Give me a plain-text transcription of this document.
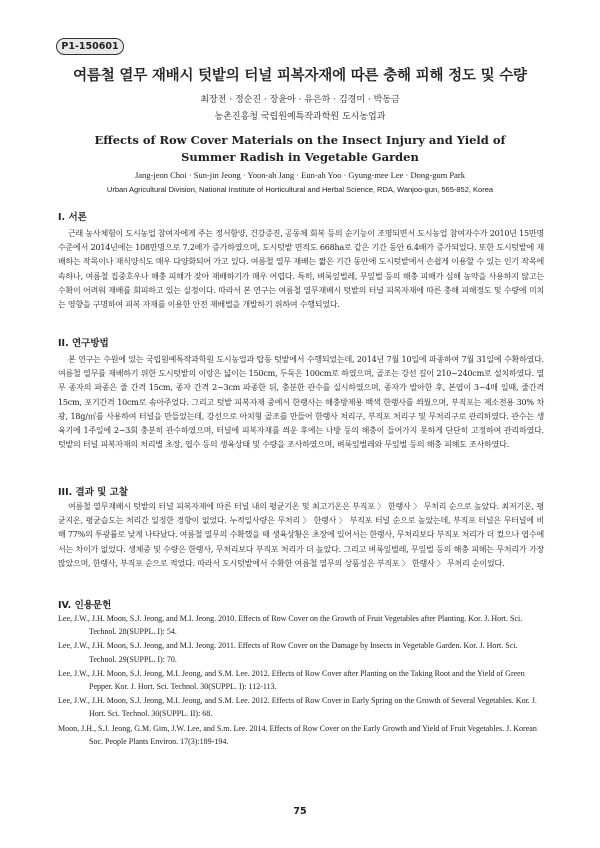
P1-150601
여름철 열무 재배시 텃밭의 터널 피복자재에 따른 충해 피해 정도 및 수량
최장전 · 정순진 · 장윤아 · 유은하 · 김경미 · 박동금
농촌진흥청 국립원예특작과학원 도시농업과
Effects of Row Cover Materials on the Insect Injury and Yield of
Summer Radish in Vegetable Garden
Jang-jeon Choi · Sun-jin Jeong · Yoon-ah Jang · Eun-ah Yoo · Gyung-mee Lee · Dong-gum Park
Urban Agricultural Division, National Institute of Horticultural and Herbal Science, RDA, Wanjoo-gun, 565-852, Korea
I. 서론

근래 농사체험이 도시농업 참여자에게 주는 정서함양, 건강증진, 공동체 회복 등의 순기능이 조명되면서 도시농업 참여자수가 2010년 15만명 수준에서 2014년에는 108만명으로 7.2배가 증가하였으며, 도시텃밭 면적도 668ha로 같은 기간 동안 6.4배가 증가되었다. 또한 도시텃밭에 재배하는 작목이나 재식양식도 매우 다양화되어 가고 있다. 여름철 열무 재배는 짧은 기간 동안에 도시텃밭에서 손쉽게 이용할 수 있는 인기 작목에 속하나, 여름철 집중호우나 해충 피해가 잦아 재배하기가 매우 어렵다. 특히, 벼룩잎벌레, 무잎벌 등의 해충 피해가 심해 농약을 사용하지 않고는 수확이 어려워 재배를 회피하고 있는 실정이다. 따라서 본 연구는 여름철 열무재배시 텃밭의 터널 피복자재에 따른 충해 피해정도 및 수량에 미치는 영향을 구명하여 피복 자재를 이용한 안전 재배법을 개발하기 위하여 수행되었다.

II. 연구방법

본 연구는 수원에 있는 국립원예특작과학원 도시농업과 탑동 텃밭에서 수행되었는데, 2014년 7월 10일에 파종하여 7월 31일에 수확하였다. 여름철 열무를 재배하기 위한 도시텃밭의 이랑은 넓이는 150cm, 두둑은 100cm로 하였으며, 골조는 강선 길이 210~240cm로 설치하였다. 열무 종자의 파종은 줄 간격 15cm, 종자 간격 2~3cm 파종한 뒤, 충분한 관수를 실시하였으며, 종자가 발아한 후, 본엽이 3~4매 일때, 줄간격 15cm, 포기간격 10cm로 솎아주었다. 그리고 텃밭 피복자재 중에서 한랭사는 해충방제용 백색 한랭사를 씌웠으며, 부직포는 제소전용 30% 차광, 18g/㎡를 사용하여 터널을 만들었는데, 강선으로 아치형 골조를 만들어 한랭사 처리구, 부직포 처리구 및 무처리구로 관리하였다. 관수는 생육기에 1주일에 2~3회 충분히 관수하였으며, 터널에 피복자재를 씌운 후에는 나방 등의 해충이 들어가지 못하게 단단히 고정하여 관리하였다. 텃밭의 터널 피복자재의 처리별 초장, 엽수 등의 생육상태 및 수량을 조사하였으며, 벼룩잎벌레와 무잎벌 등의 해충 피해도 조사하였다.

III. 결과 및 고찰

여름철 열무재배시 텃밭의 터널 피복자재에 따른 터널 내의 평균기온 및 최고기온은 부직포 〉 한랭사 〉 무처리 순으로 높았다. 최저기온, 평균지온, 평균습도는 처리간 일정한 경향이 없었다. 누적일사량은 무처리 〉 한랭사 〉 부직포 터널 순으로 높았는데, 부직포 터널은 무터널에 비해 77%의 투광률로 낮게 나타났다. 여름철 열무의 수확했을 때 생육상황은 초장에 있어서는 한랭사, 무처리보다 부직포 처리가 더 컸으나 엽수에서는 차이가 없었다. 생체중 및 수량은 한랭사, 무처리보다 부직포 처리가 더 높았다. 그리고 벼룩잎벌레, 무잎벌 등의 해충 피해는 무처리가 가장 많았으며, 한랭사, 부직포 순으로 적었다. 따라서 도시텃밭에서 수확한 여름철 열무의 상품성은 부직포 〉 한랭사 〉 무처리 순이었다.

IV. 인용문헌

Lee, J.W., J.H. Moon, S.J. Jeong, and M.I. Jeong. 2010. Effects of Row Cover on the Growth of Fruit Vegetables after Planting. Kor. J. Hort. Sci. Technol. 28(SUPPL. I): 54.

Lee, J.W., J.H. Moon, S.J. Jeong, and M.I. Jeong. 2011. Effects of Row Cover on the Damage by Insects in Vegetable Garden. Kor. J. Hort. Sci. Technol. 29(SUPPL. I): 70.

Lee, J.W., J.H. Moon, S.J. Jeong, M.I. Jeong, and S.M. Lee. 2012. Effects of Row Cover after Planting on the Taking Root and the Yield of Green Pepper. Kor. J. Hort. Sci. Technol. 30(SUPPL. I): 112-113.

Lee, J.W., J.H. Moon, S.J. Jeong, M.I. Jeong, and S.M. Lee. 2012. Effects of Row Cover in Early Spring on the Growth of Several Vegetables. Kor. J. Hort. Sci. Technol. 30(SUPPL. II): 68.

Moon, J.H., S.J. Jeong, G.M. Gim, J.W. Lee, and S.m. Lee. 2014. Effects of Row Cover on the Early Growth and Yield of Fruit Vegetables. J. Korean Soc. People Plants Environ. 17(3):189-194.

75
